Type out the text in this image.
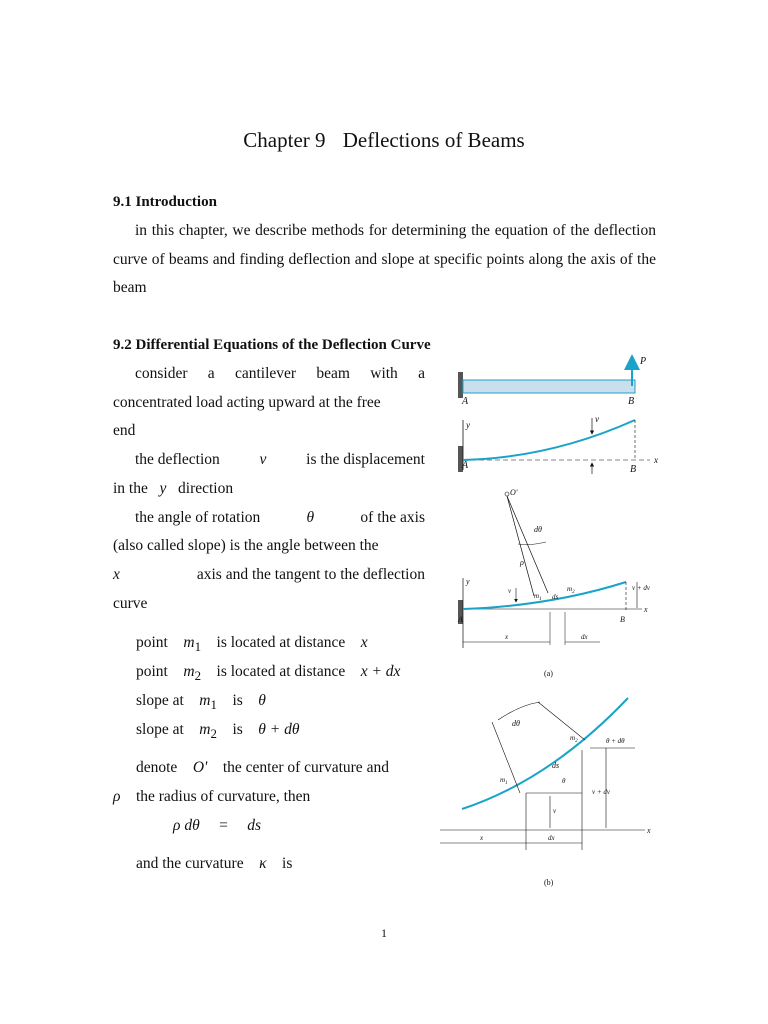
Chapter 9 Deflections of Beams
9.1 Introduction
in this chapter, we describe methods for determining the equation of the deflection curve of beams and finding deflection and slope at specific points along the axis of the beam
9.2 Differential Equations of the Deflection Curve
consider a cantilever beam with a
concentrated load acting upward at the free
end
the deflection	v	is the displacement
in the y direction
the angle of rotation	θ	of the axis
(also called slope) is the angle between the
x	axis and the tangent to the deflection
curve
point $m_1$ is located at distance x
point $m_2$ is located at distance x + dx
slope at $m_1$ is θ
slope at $m_2$ is θ + dθ
denote O' the center of curvature and
ρ the radius of curvature, then
ρ dθ = ds
and the curvature κ is
P
A	B
y
x
v
A	B
O'
dθ
ρ
y
x
$m_1$
$m_2$
ds
v	v + dv
A	B
x	dx
(a)
x
dθ
$m_1$
$m_2$
ds
v
v + dv
θ
θ + dθ
x	dx
(b)
1
